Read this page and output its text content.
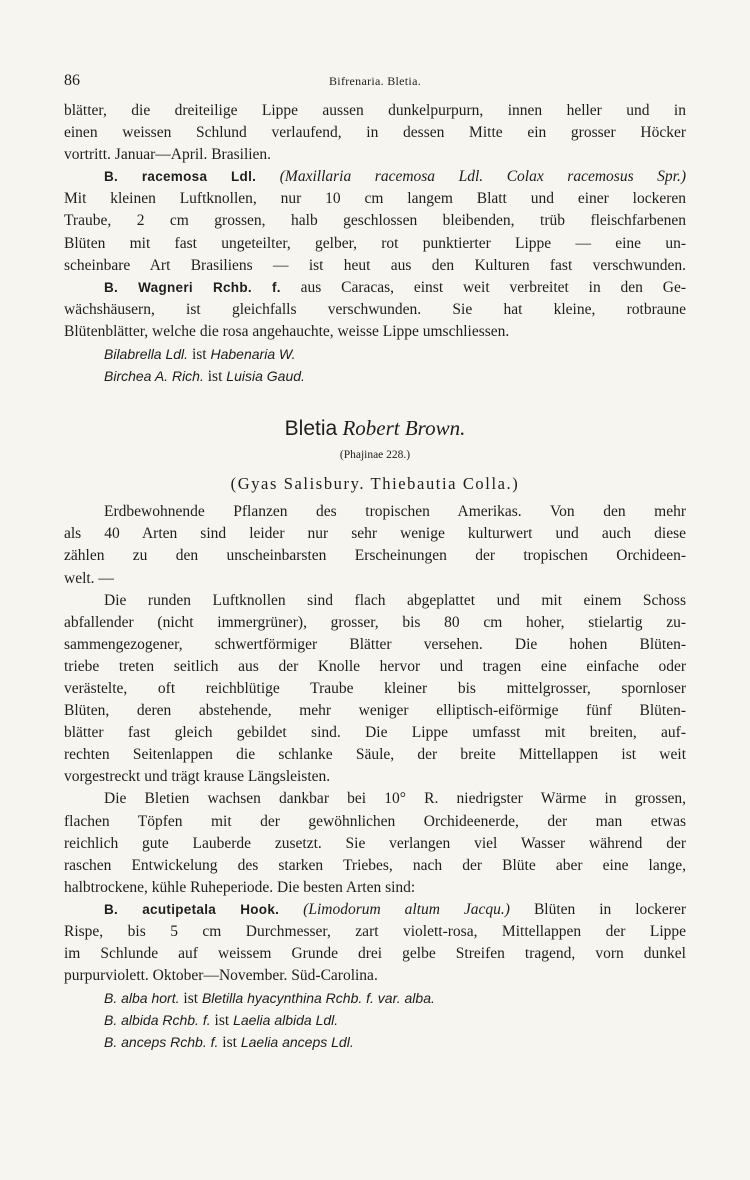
86	Bifrenaria. Bletia.
blätter, die dreiteilige Lippe aussen dunkelpurpurn, innen heller und in
einen weissen Schlund verlaufend, in dessen Mitte ein grosser Höcker
vortritt. Januar—April. Brasilien.
B. racemosa Ldl. (Maxillaria racemosa Ldl. Colax racemosus Spr.)
Mit kleinen Luftknollen, nur 10 cm langem Blatt und einer lockeren
Traube, 2 cm grossen, halb geschlossen bleibenden, trüb fleischfarbenen
Blüten mit fast ungeteilter, gelber, rot punktierter Lippe — eine un-
scheinbare Art Brasiliens — ist heut aus den Kulturen fast verschwunden.
B. Wagneri Rchb. f. aus Caracas, einst weit verbreitet in den Ge-
wächshäusern, ist gleichfalls verschwunden. Sie hat kleine, rotbraune
Blütenblätter, welche die rosa angehauchte, weisse Lippe umschliessen.
Bilabrella Ldl. ist Habenaria W.
Birchea A. Rich. ist Luisia Gaud.
Bletia Robert Brown.
(Phajinae 228.)
(Gyas Salisbury. Thiebautia Colla.)
Erdbewohnende Pflanzen des tropischen Amerikas. Von den mehr
als 40 Arten sind leider nur sehr wenige kulturwert und auch diese
zählen zu den unscheinbarsten Erscheinungen der tropischen Orchideen-
welt. —
Die runden Luftknollen sind flach abgeplattet und mit einem Schoss
abfallender (nicht immergrüner), grosser, bis 80 cm hoher, stielartig zu-
sammengezogener, schwertförmiger Blätter versehen. Die hohen Blüten-
triebe treten seitlich aus der Knolle hervor und tragen eine einfache oder
verästelte, oft reichblütige Traube kleiner bis mittelgrosser, spornloser
Blüten, deren abstehende, mehr weniger elliptisch-eiförmige fünf Blüten-
blätter fast gleich gebildet sind. Die Lippe umfasst mit breiten, auf-
rechten Seitenlappen die schlanke Säule, der breite Mittellappen ist weit
vorgestreckt und trägt krause Längsleisten.
Die Bletien wachsen dankbar bei 10° R. niedrigster Wärme in grossen,
flachen Töpfen mit der gewöhnlichen Orchideenerde, der man etwas
reichlich gute Lauberde zusetzt. Sie verlangen viel Wasser während der
raschen Entwickelung des starken Triebes, nach der Blüte aber eine lange,
halbtrockene, kühle Ruheperiode. Die besten Arten sind:
B. acutipetala Hook. (Limodorum altum Jacqu.) Blüten in lockerer
Rispe, bis 5 cm Durchmesser, zart violett-rosa, Mittellappen der Lippe
im Schlunde auf weissem Grunde drei gelbe Streifen tragend, vorn dunkel
purpurviolett. Oktober—November. Süd-Carolina.
B. alba hort. ist Bletilla hyacynthina Rchb. f. var. alba.
B. albida Rchb. f. ist Laelia albida Ldl.
B. anceps Rchb. f. ist Laelia anceps Ldl.
